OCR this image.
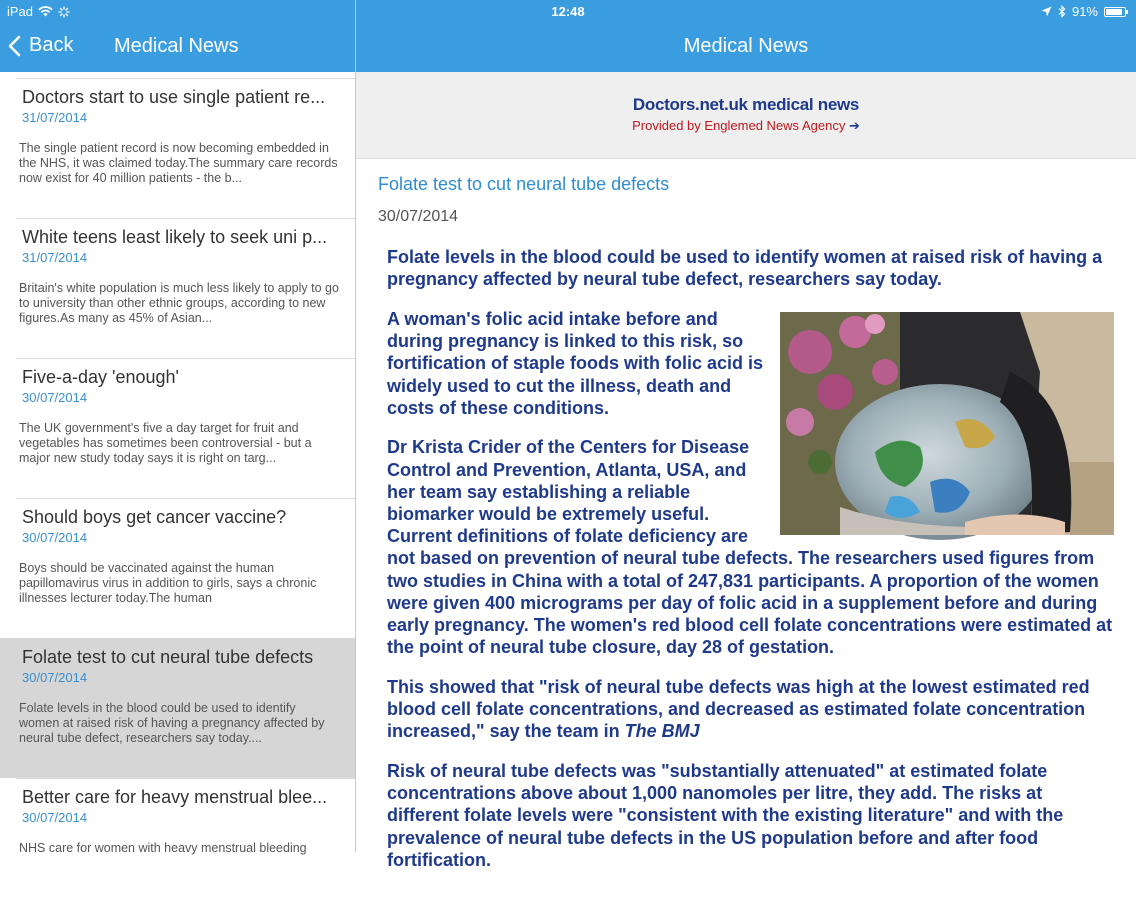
iPad	12:48	91%
Back Medical News
Doctors start to use single patient re...
31/07/2014
The single patient record is now becoming embedded in the NHS, it was claimed today.The summary care records now exist for 40 million patients - the b...
White teens least likely to seek uni p...
31/07/2014
Britain's white population is much less likely to apply to go to university than other ethnic groups, according to new figures.As many as 45% of Asian...
Five-a-day 'enough'
30/07/2014
The UK government's five a day target for fruit and vegetables has sometimes been controversial - but a major new study today says it is right on targ...
Should boys get cancer vaccine?
30/07/2014
Boys should be vaccinated against the human papillomavirus virus in addition to girls, says a chronic illnesses lecturer today.The human
Folate test to cut neural tube defects
30/07/2014
Folate levels in the blood could be used to identify women at raised risk of having a pregnancy affected by neural tube defect, researchers say today....
Better care for heavy menstrual blee...
30/07/2014
NHS care for women with heavy menstrual bleeding
Medical News
Doctors.net.uk medical news
Provided by Englemed News Agency ➔
Folate test to cut neural tube defects
30/07/2014

Folate levels in the blood could be used to identify women at raised risk of having a pregnancy affected by neural tube defect, researchers say today.

A woman's folic acid intake before and during pregnancy is linked to this risk, so fortification of staple foods with folic acid is widely used to cut the illness, death and costs of these conditions.

Dr Krista Crider of the Centers for Disease Control and Prevention, Atlanta, USA, and her team say establishing a reliable biomarker would be extremely useful. Current definitions of folate deficiency are not based on prevention of neural tube defects. The researchers used figures from two studies in China with a total of 247,831 participants. A proportion of the women were given 400 micrograms per day of folic acid in a supplement before and during early pregnancy. The women's red blood cell folate concentrations were estimated at the point of neural tube closure, day 28 of gestation.

This showed that "risk of neural tube defects was high at the lowest estimated red blood cell folate concentrations, and decreased as estimated folate concentration increased," say the team in The BMJ

Risk of neural tube defects was "substantially attenuated" at estimated folate concentrations above about 1,000 nanomoles per litre, they add. The risks at different folate levels were "consistent with the existing literature" and with the prevalence of neural tube defects in the US population before and after food fortification.
